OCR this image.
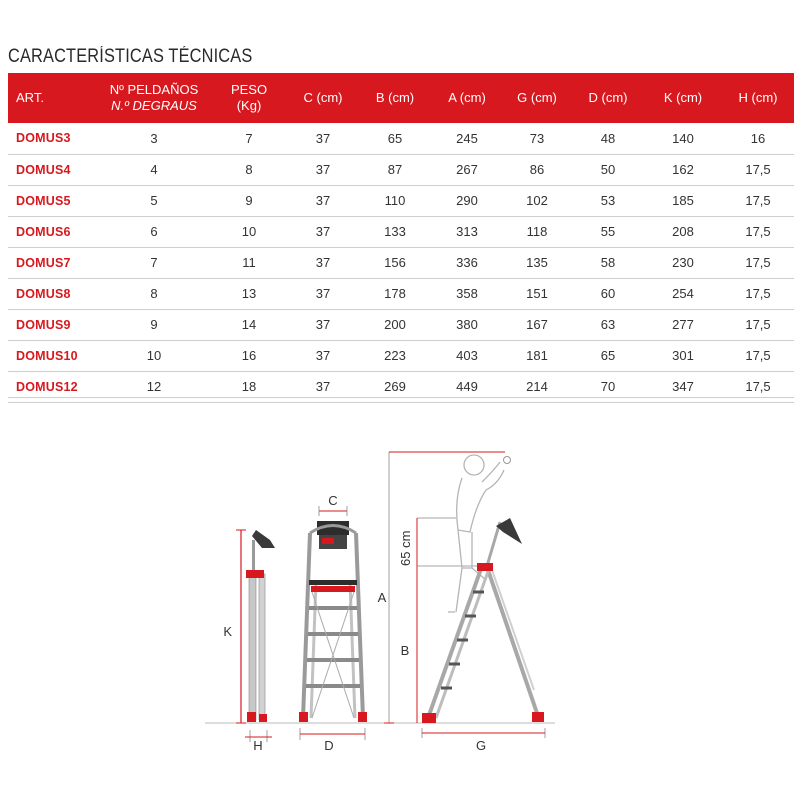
CARACTERÍSTICAS TÉCNICAS
ART.	Nº PELDAÑOS
N.º DEGRAUS	PESO
(Kg)	C (cm)	B (cm)	A (cm)	G (cm)	D (cm)	K (cm)	H (cm)
DOMUS3	3	7	37	65	245	73	48	140	16
DOMUS4	4	8	37	87	267	86	50	162	17,5
DOMUS5	5	9	37	110	290	102	53	185	17,5
DOMUS6	6	10	37	133	313	118	55	208	17,5
DOMUS7	7	11	37	156	336	135	58	230	17,5
DOMUS8	8	13	37	178	358	151	60	254	17,5
DOMUS9	9	14	37	200	380	167	63	277	17,5
DOMUS10	10	16	37	223	403	181	65	301	17,5
DOMUS12	12	18	37	269	449	214	70	347	17,5
K
H
C
D
A
65 cm
B
G
